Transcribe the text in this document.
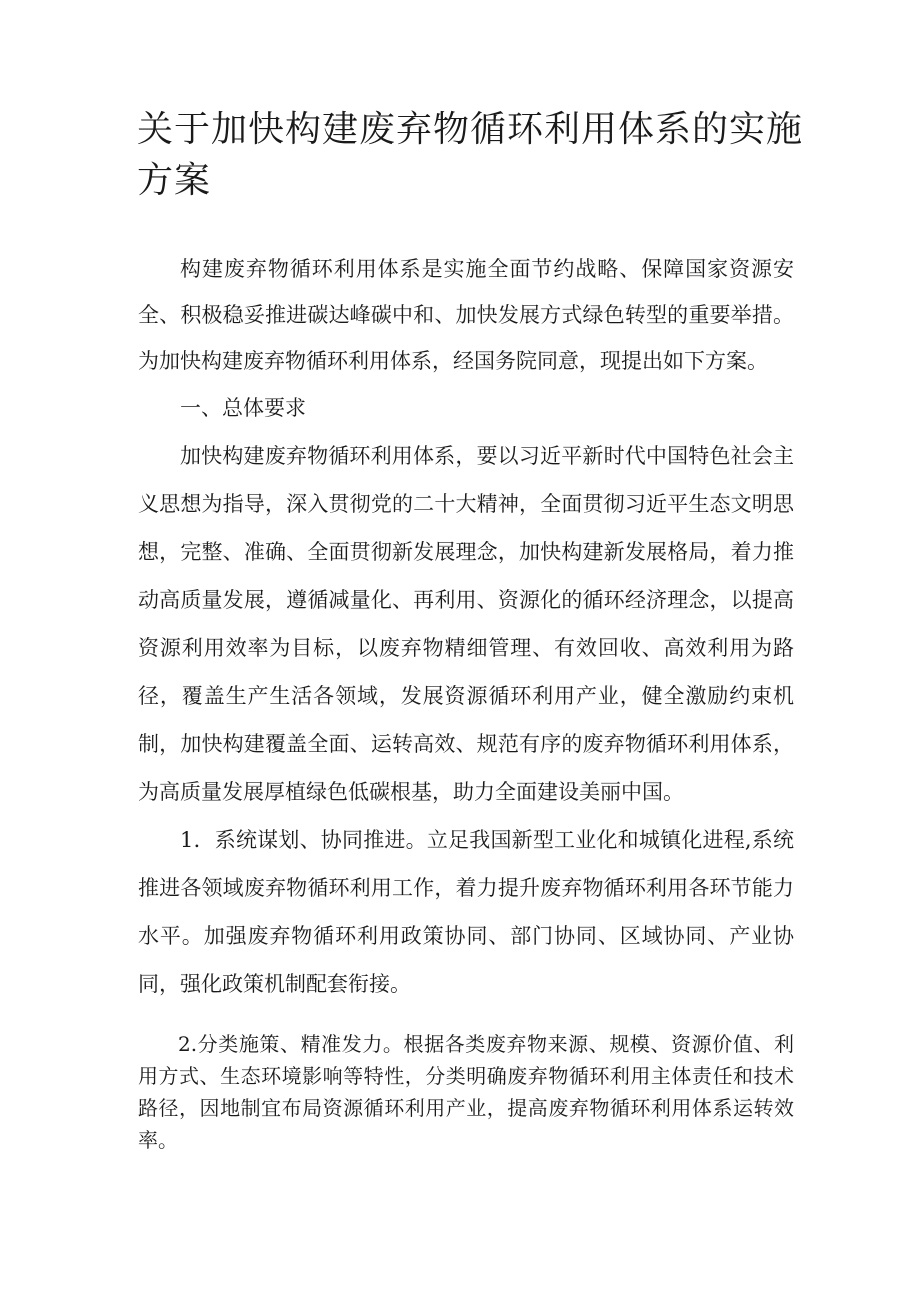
关于加快构建废弃物循环利用体系的实施方案

构建废弃物循环利用体系是实施全面节约战略、保障国家资源安全、积极稳妥推进碳达峰碳中和、加快发展方式绿色转型的重要举措。为加快构建废弃物循环利用体系，经国务院同意，现提出如下方案。

一、总体要求

加快构建废弃物循环利用体系，要以习近平新时代中国特色社会主义思想为指导，深入贯彻党的二十大精神，全面贯彻习近平生态文明思想，完整、准确、全面贯彻新发展理念，加快构建新发展格局，着力推动高质量发展，遵循减量化、再利用、资源化的循环经济理念，以提高资源利用效率为目标，以废弃物精细管理、有效回收、高效利用为路径，覆盖生产生活各领域，发展资源循环利用产业，健全激励约束机制，加快构建覆盖全面、运转高效、规范有序的废弃物循环利用体系，为高质量发展厚植绿色低碳根基，助力全面建设美丽中国。

1．系统谋划、协同推进。立足我国新型工业化和城镇化进程,系统推进各领域废弃物循环利用工作，着力提升废弃物循环利用各环节能力水平。加强废弃物循环利用政策协同、部门协同、区域协同、产业协同，强化政策机制配套衔接。

2.分类施策、精准发力。根据各类废弃物来源、规模、资源价值、利用方式、生态环境影响等特性，分类明确废弃物循环利用主体责任和技术路径，因地制宜布局资源循环利用产业，提高废弃物循环利用体系运转效率。
